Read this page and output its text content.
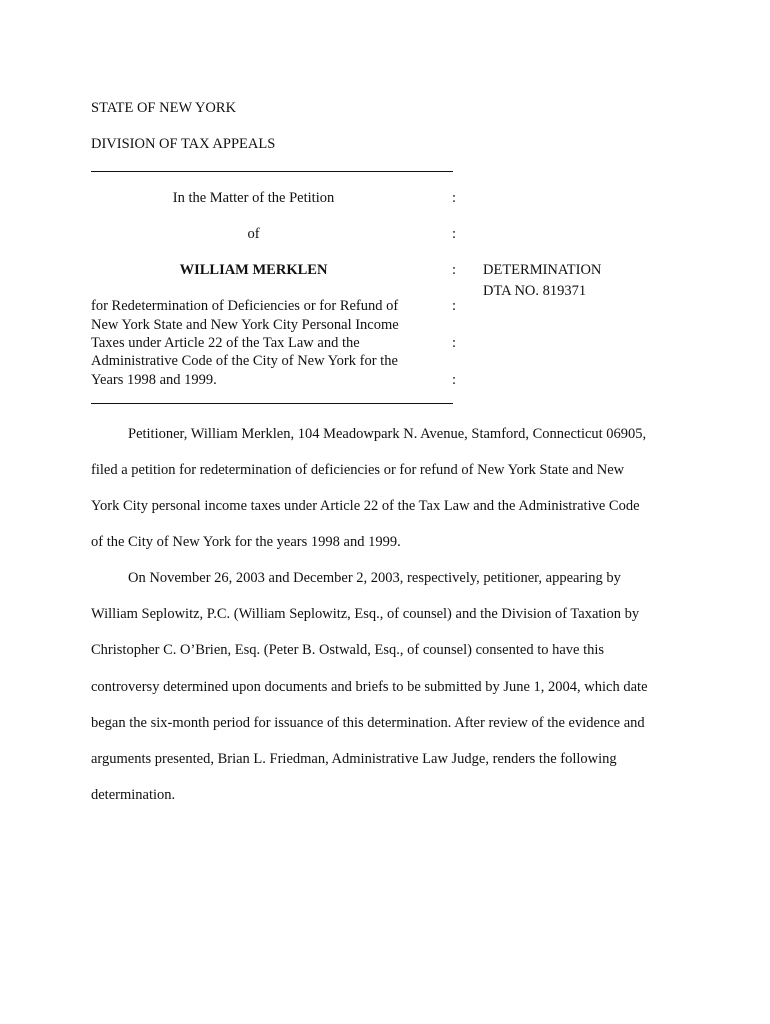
STATE OF NEW YORK
DIVISION OF TAX APPEALS
In the Matter of the Petition
of
WILLIAM MERKLEN
for Redetermination of Deficiencies or for Refund of
New York State and New York City Personal Income
Taxes under Article 22 of the Tax Law and the
Administrative Code of the City of New York for the
Years 1998 and 1999.
:
:
:
:
:
:
DETERMINATION
DTA NO. 819371
Petitioner, William Merklen, 104 Meadowpark N. Avenue, Stamford, Connecticut 06905,
filed a petition for redetermination of deficiencies or for refund of New York State and New
York City personal income taxes under Article 22 of the Tax Law and the Administrative Code
of the City of New York for the years 1998 and 1999.
On November 26, 2003 and December 2, 2003, respectively, petitioner, appearing by
William Seplowitz, P.C. (William Seplowitz, Esq., of counsel) and the Division of Taxation by
Christopher C. O’Brien, Esq. (Peter B. Ostwald, Esq., of counsel) consented to have this
controversy determined upon documents and briefs to be submitted by June 1, 2004, which date
began the six-month period for issuance of this determination. After review of the evidence and
arguments presented, Brian L. Friedman, Administrative Law Judge, renders the following
determination.
